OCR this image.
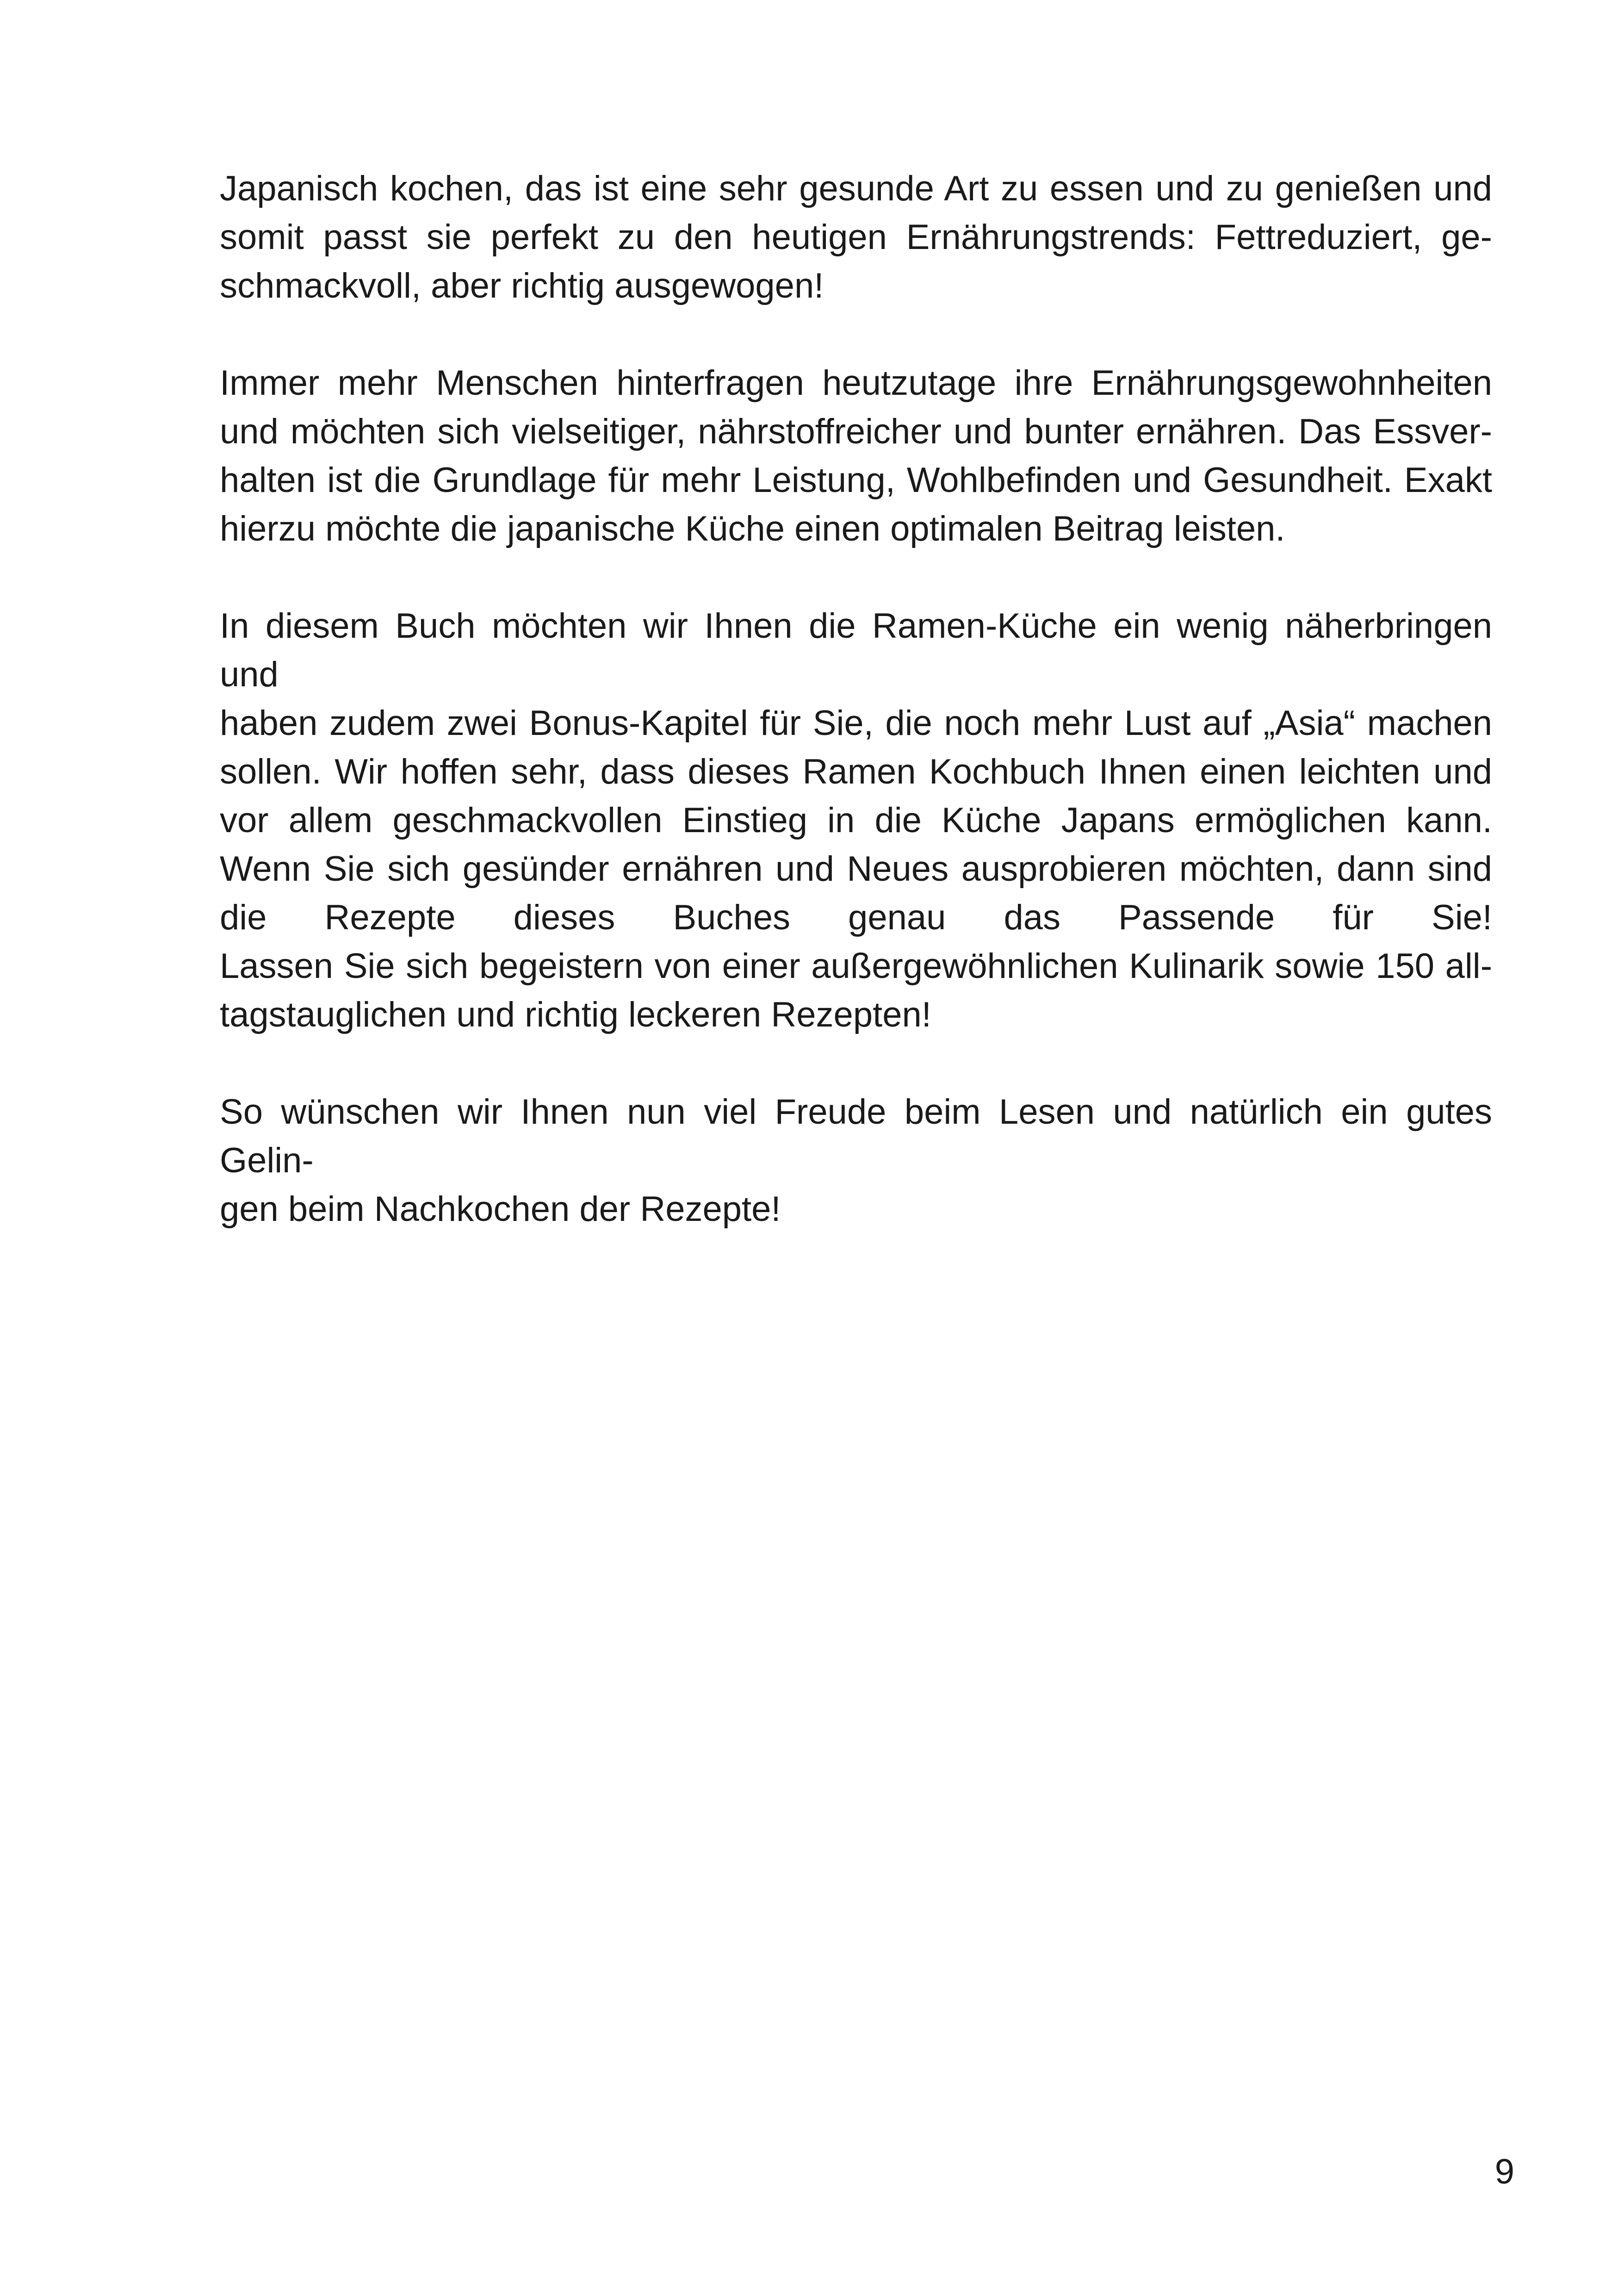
Japanisch kochen, das ist eine sehr gesunde Art zu essen und zu genießen und
somit passt sie perfekt zu den heutigen Ernährungstrends: Fettreduziert, ge-
schmackvoll, aber richtig ausgewogen!

Immer mehr Menschen hinterfragen heutzutage ihre Ernährungsgewohnheiten
und möchten sich vielseitiger, nährstoffreicher und bunter ernähren. Das Essver-
halten ist die Grundlage für mehr Leistung, Wohlbefinden und Gesundheit. Exakt
hierzu möchte die japanische Küche einen optimalen Beitrag leisten.

In diesem Buch möchten wir Ihnen die Ramen-Küche ein wenig näherbringen und
haben zudem zwei Bonus-Kapitel für Sie, die noch mehr Lust auf „Asia“ machen
sollen. Wir hoffen sehr, dass dieses Ramen Kochbuch Ihnen einen leichten und
vor allem geschmackvollen Einstieg in die Küche Japans ermöglichen kann.
Wenn Sie sich gesünder ernähren und Neues ausprobieren möchten, dann sind
die Rezepte dieses Buches genau das Passende für Sie!
Lassen Sie sich begeistern von einer außergewöhnlichen Kulinarik sowie 150 all-
tagstauglichen und richtig leckeren Rezepten!

So wünschen wir Ihnen nun viel Freude beim Lesen und natürlich ein gutes Gelin-
gen beim Nachkochen der Rezepte!

9
